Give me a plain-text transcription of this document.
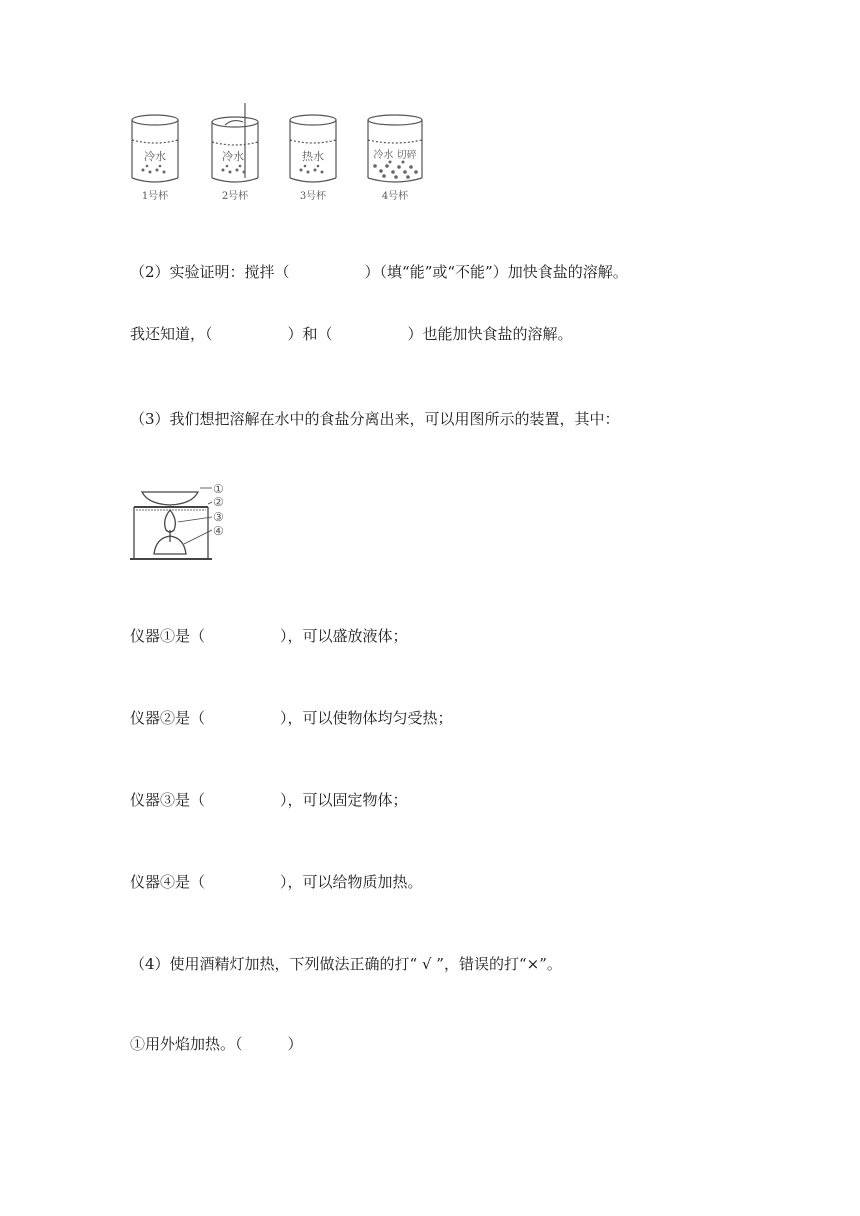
冷水
1号杯
冷水
2号杯
热水
3号杯
冷水 切碎
4号杯
（2）实验证明：搅拌（　　　　　）（填“能”或“不能”）加快食盐的溶解。
我还知道，（　　　　　）和（　　　　　）也能加快食盐的溶解。
（3）我们想把溶解在水中的食盐分离出来，可以用图所示的装置，其中：
①
②
③
④
仪器①是（　　　　　），可以盛放液体；
仪器②是（　　　　　），可以使物体均匀受热；
仪器③是（　　　　　），可以固定物体；
仪器④是（　　　　　），可以给物质加热。
（4）使用酒精灯加热，下列做法正确的打“ √ ”，错误的打“×”。
①用外焰加热。（　　　）
